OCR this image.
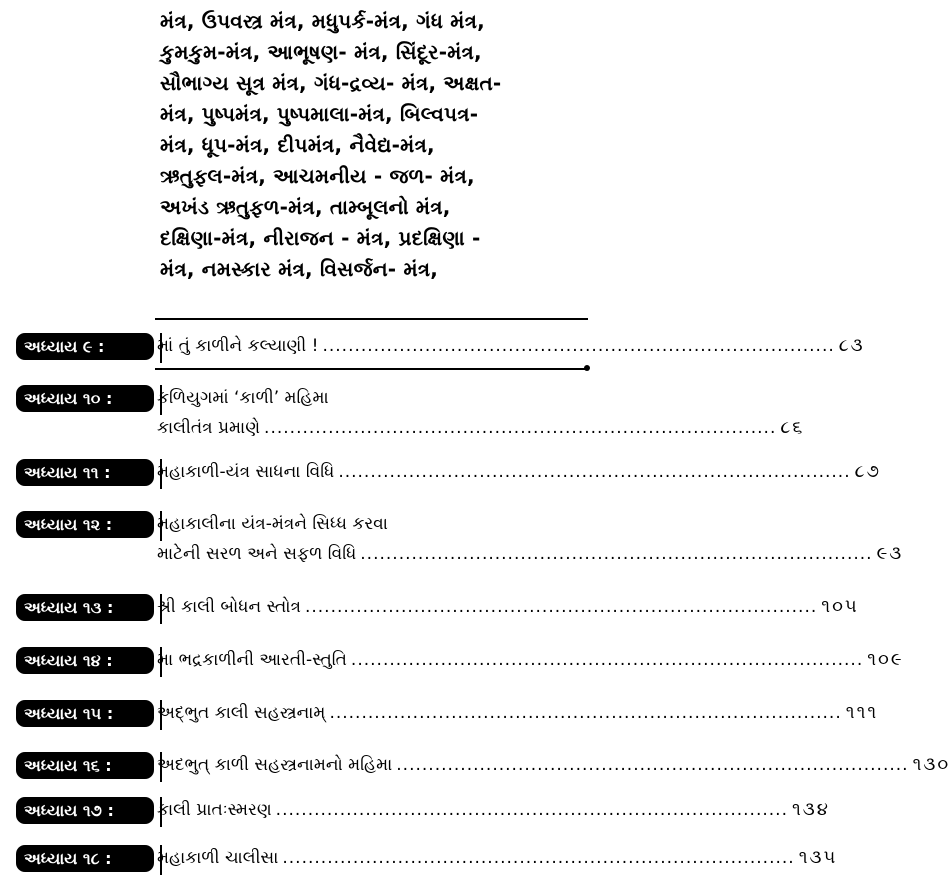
મંત્ર, ઉપવસ્ત્ર મંત્ર, મધુપર્ક-મંત્ર, ગંધ મંત્ર,
કુમકુમ-મંત્ર, આભૂષણ- મંત્ર, સિંદૂર-મંત્ર,
સૌભાગ્ય સૂત્ર મંત્ર, ગંધ-દ્રવ્ય- મંત્ર, અક્ષત-
મંત્ર, પુષ્પમંત્ર, પુષ્પમાલા-મંત્ર, બિલ્વપત્ર-
મંત્ર, ધૂપ-મંત્ર, દીપમંત્ર, નૈવેદ્ય-મંત્ર,
ઋતુફલ-મંત્ર, આચમનીય - જળ- મંત્ર,
અખંડ ઋતુફળ-મંત્ર, તામ્બૂલનો મંત્ર,
દક્ષિણા-મંત્ર, નીરાજન - મંત્ર, પ્રદક્ષિણા -
મંત્ર, નમસ્કાર મંત્ર, વિસર્જન- મંત્ર,
અધ્યાય ૯ :	માં તું કાળીને કલ્યાણી ! ................................................................................ ૮૩
અધ્યાય ૧૦ :	કળિયુગમાં ‘કાળી’ મહિમા
કાલીતંત્ર પ્રમાણે ................................................................................ ૮૬
અધ્યાય ૧૧ :	મહાકાળી-યંત્ર સાધના વિધિ ................................................................................ ૮૭
અધ્યાય ૧૨ :	મહાકાલીના યંત્ર-મંત્રને સિધ્ધ કરવા
માટેની સરળ અને સફળ વિધિ ................................................................................ ૯૩
અધ્યાય ૧૩ :	શ્રી કાલી બોધન સ્તોત્ર ................................................................................ ૧૦૫
અધ્યાય ૧૪ :	મા ભદ્રકાળીની આરતી-સ્તુતિ ................................................................................ ૧૦૯
અધ્યાય ૧૫ :	અદ્ભુત કાલી સહસ્ત્રનામ્ ................................................................................ ૧૧૧
અધ્યાય ૧૬ :	અદભુત્ કાળી સહસ્ત્રનામનો મહિમા ................................................................................ ૧૩૦
અધ્યાય ૧૭ :	કાલી પ્રાતઃસ્મરણ ................................................................................ ૧૩૪
અધ્યાય ૧૮ :	મહાકાળી ચાલીસા ................................................................................ ૧૩૫
